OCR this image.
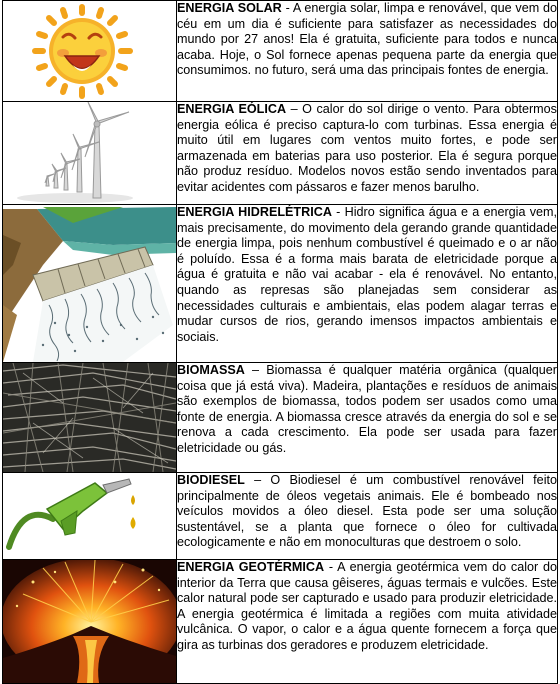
	ENERGIA SOLAR - A energia solar, limpa e renovável, que vem do céu em um dia é suficiente para satisfazer as necessidades do mundo por 27 anos! Ela é gratuita, suficiente para todos e nunca acaba. Hoje, o Sol fornece apenas pequena parte da energia que consumimos. no futuro, será uma das principais fontes de energia.

	ENERGIA EÓLICA – O calor do sol dirige o vento. Para obtermos energia eólica é preciso captura-lo com turbinas. Essa energia é muito útil em lugares com ventos muito fortes, e pode ser armazenada em baterias para uso posterior. Ela é segura porque não produz resíduo. Modelos novos estão sendo inventados para evitar acidentes com pássaros e fazer menos barulho.

	ENERGIA HIDRELÉTRICA - Hidro significa água e a energia vem, mais precisamente, do movimento dela gerando grande quantidade de energia limpa, pois nenhum combustível é queimado e o ar não é poluído. Essa é a forma mais barata de eletricidade porque a água é gratuita e não vai acabar - ela é renovável. No entanto, quando as represas são planejadas sem considerar as necessidades culturais e ambientais, elas podem alagar terras e mudar cursos de rios, gerando imensos impactos ambientais e sociais.

	BIOMASSA – Biomassa é qualquer matéria orgânica (qualquer coisa que já está viva). Madeira, plantações e resíduos de animais são exemplos de biomassa, todos podem ser usados como uma fonte de energia. A biomassa cresce através da energia do sol e se renova a cada crescimento. Ela pode ser usada para fazer eletricidade ou gás.

	BIODIESEL – O Biodiesel é um combustível renovável feito principalmente de óleos vegetais animais. Ele é bombeado nos veículos movidos a óleo diesel. Esta pode ser uma solução sustentável, se a planta que fornece o óleo for cultivada ecologicamente e não em monoculturas que destroem o solo.

	ENERGIA GEOTÉRMICA - A energia geotérmica vem do calor do interior da Terra que causa gêiseres, águas termais e vulcões. Este calor natural pode ser capturado e usado para produzir eletricidade. A energia geotérmica é limitada a regiões com muita atividade vulcânica. O vapor, o calor e a água quente fornecem a força que gira as turbinas dos geradores e produzem eletricidade.
